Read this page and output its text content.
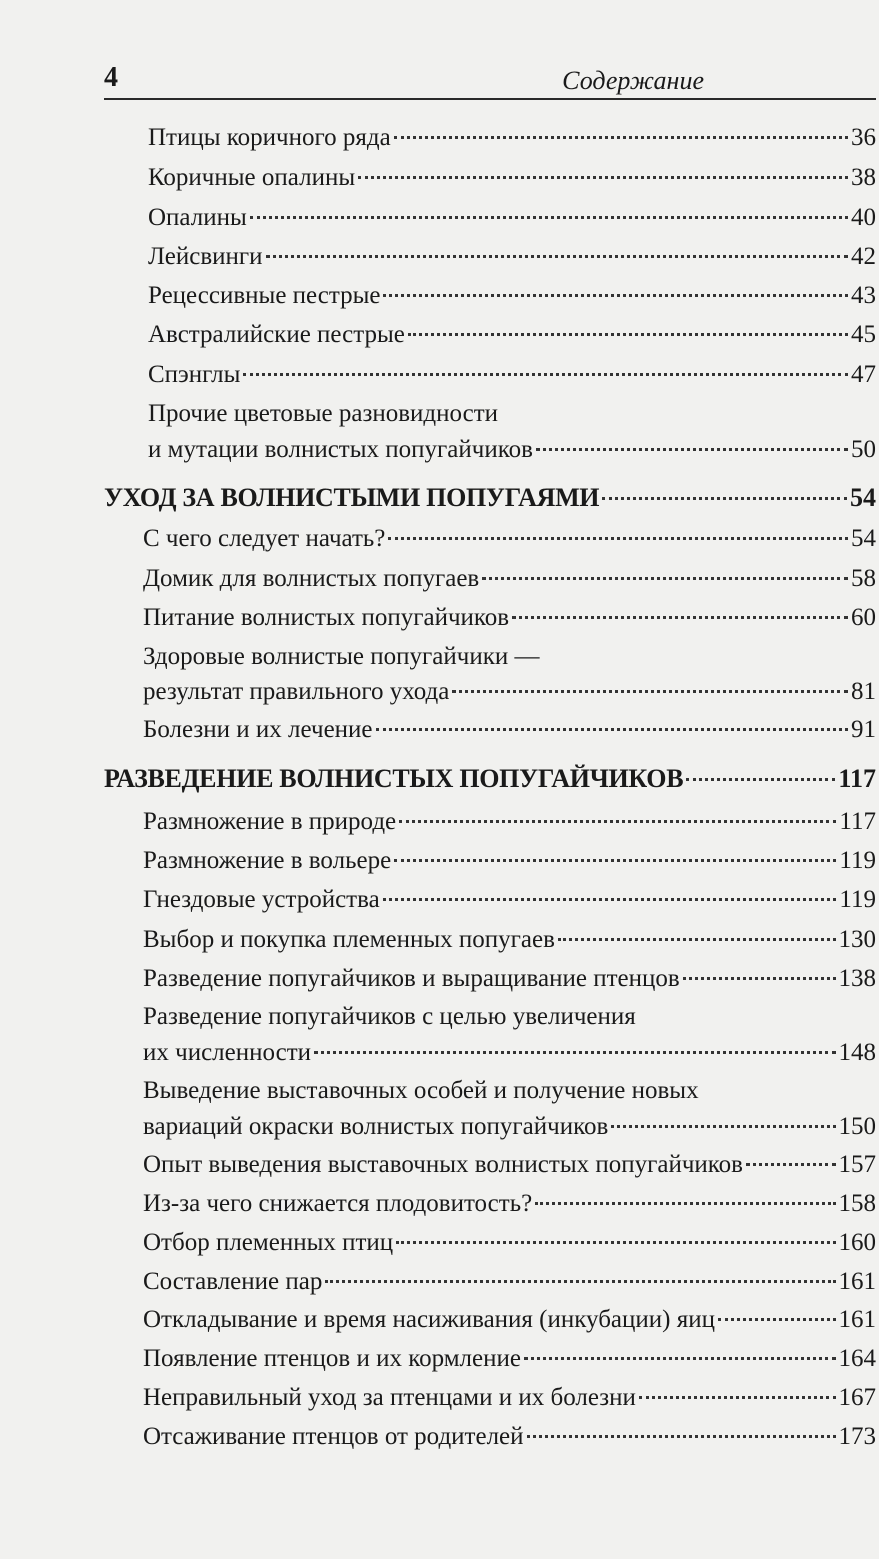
4	Содержание
Птицы коричного ряда	36
Коричные опалины	38
Опалины	40
Лейсвинги	42
Рецессивные пестрые	43
Австралийские пестрые	45
Спэнглы	47
Прочие цветовые разновидности
и мутации волнистых попугайчиков	50
УХОД ЗА ВОЛНИСТЫМИ ПОПУГАЯМИ	54
С чего следует начать?	54
Домик для волнистых попугаев	58
Питание волнистых попугайчиков	60
Здоровые волнистые попугайчики —
результат правильного ухода	81
Болезни и их лечение	91
РАЗВЕДЕНИЕ ВОЛНИСТЫХ ПОПУГАЙЧИКОВ	117
Размножение в природе	117
Размножение в вольере	119
Гнездовые устройства	119
Выбор и покупка племенных попугаев	130
Разведение попугайчиков и выращивание птенцов	138
Разведение попугайчиков с целью увеличения
их численности	148
Выведение выставочных особей и получение новых
вариаций окраски волнистых попугайчиков	150
Опыт выведения выставочных волнистых попугайчиков	157
Из-за чего снижается плодовитость?	158
Отбор племенных птиц	160
Составление пар	161
Откладывание и время насиживания (инкубации) яиц	161
Появление птенцов и их кормление	164
Неправильный уход за птенцами и их болезни	167
Отсаживание птенцов от родителей	173
